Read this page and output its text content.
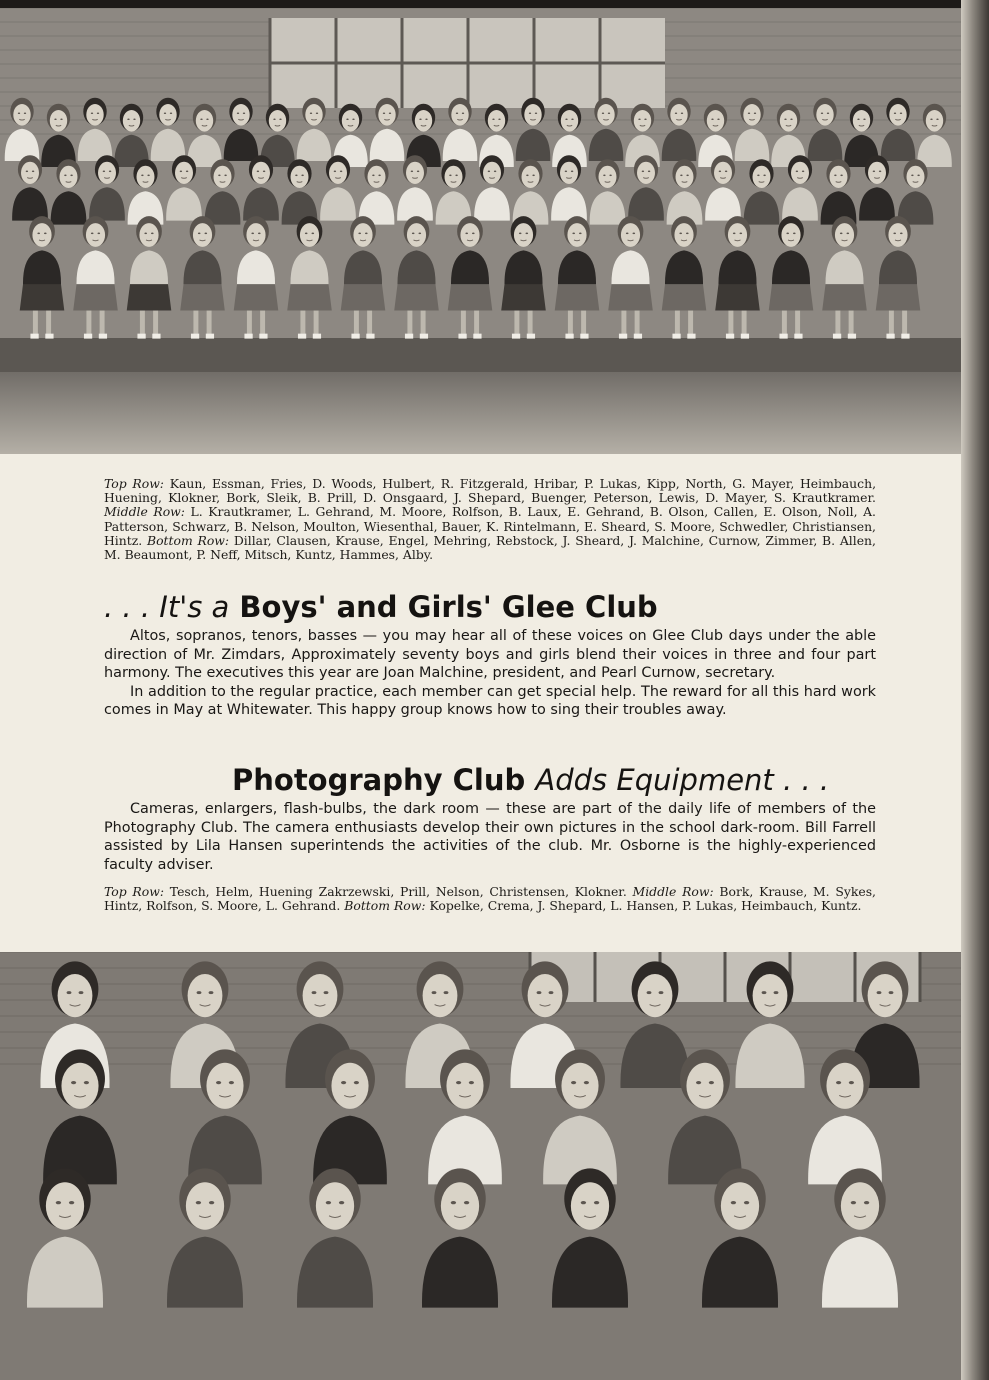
Top Row: Kaun, Essman, Fries, D. Woods, Hulbert, R. Fitzgerald, Hribar, P. Lukas, Kipp, North, G. Mayer, Heimbauch, Huening, Klokner, Bork, Sleik, B. Prill, D. Onsgaard, J. Shepard, Buenger, Peterson, Lewis, D. Mayer, S. Krautkramer. Middle Row: L. Krautkramer, L. Gehrand, M. Moore, Rolfson, B. Laux, E. Gehrand, B. Olson, Callen, E. Olson, Noll, A. Patterson, Schwarz, B. Nelson, Moulton, Wiesenthal, Bauer, K. Rintelmann, E. Sheard, S. Moore, Schwedler, Christiansen, Hintz. Bottom Row: Dillar, Clausen, Krause, Engel, Mehring, Rebstock, J. Sheard, J. Malchine, Curnow, Zimmer, B. Allen, M. Beaumont, P. Neff, Mitsch, Kuntz, Hammes, Alby.
. . . It's a Boys' and Girls' Glee Club

Altos, sopranos, tenors, basses — you may hear all of these voices on Glee Club days under the able direction of Mr. Zimdars, Approximately seventy boys and girls blend their voices in three and four part harmony. The executives this year are Joan Malchine, president, and Pearl Curnow, secretary.

In addition to the regular practice, each member can get special help. The reward for all this hard work comes in May at Whitewater. This happy group knows how to sing their troubles away.

Photography Club Adds Equipment . . .

Cameras, enlargers, flash-bulbs, the dark room — these are part of the daily life of members of the Photography Club. The camera enthusiasts develop their own pictures in the school dark-room. Bill Farrell assisted by Lila Hansen superintends the activities of the club. Mr. Osborne is the highly-experienced faculty adviser.

Top Row: Tesch, Helm, Huening Zakrzewski, Prill, Nelson, Christensen, Klokner. Middle Row: Bork, Krause, M. Sykes, Hintz, Rolfson, S. Moore, L. Gehrand. Bottom Row: Kopelke, Crema, J. Shepard, L. Hansen, P. Lukas, Heimbauch, Kuntz.
